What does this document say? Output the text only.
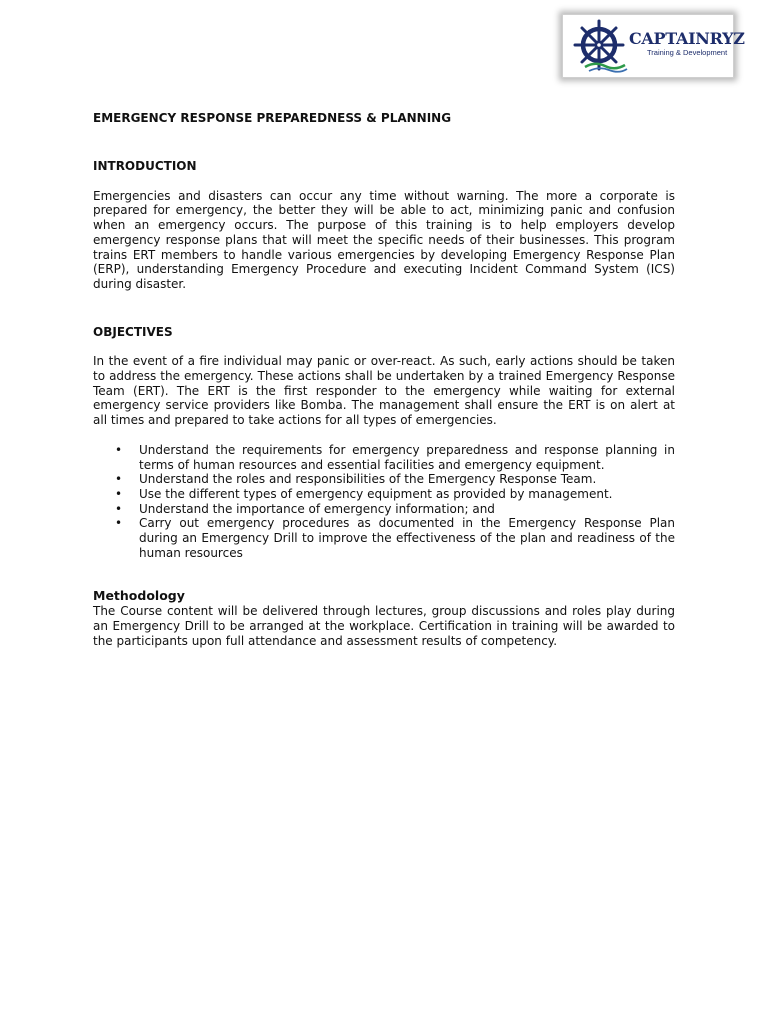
CAPTAINRYZ
Training & Development
EMERGENCY RESPONSE PREPAREDNESS & PLANNING
INTRODUCTION

Emergencies and disasters can occur any time without warning. The more a corporate is prepared for emergency, the better they will be able to act, minimizing panic and confusion when an emergency occurs. The purpose of this training is to help employers develop emergency response plans that will meet the specific needs of their businesses. This program trains ERT members to handle various emergencies by developing Emergency Response Plan (ERP), understanding Emergency Procedure and executing Incident Command System (ICS) during disaster.

OBJECTIVES

In the event of a fire individual may panic or over-react. As such, early actions should be taken to address the emergency. These actions shall be undertaken by a trained Emergency Response Team (ERT). The ERT is the first responder to the emergency while waiting for external emergency service providers like Bomba. The management shall ensure the ERT is on alert at all times and prepared to take actions for all types of emergencies.

• Understand the requirements for emergency preparedness and response planning in terms of human resources and essential facilities and emergency equipment.
• Understand the roles and responsibilities of the Emergency Response Team.
• Use the different types of emergency equipment as provided by management.
• Understand the importance of emergency information; and
• Carry out emergency procedures as documented in the Emergency Response Plan during an Emergency Drill to improve the effectiveness of the plan and readiness of the human resources
Methodology

The Course content will be delivered through lectures, group discussions and roles play during an Emergency Drill to be arranged at the workplace. Certification in training will be awarded to the participants upon full attendance and assessment results of competency.
